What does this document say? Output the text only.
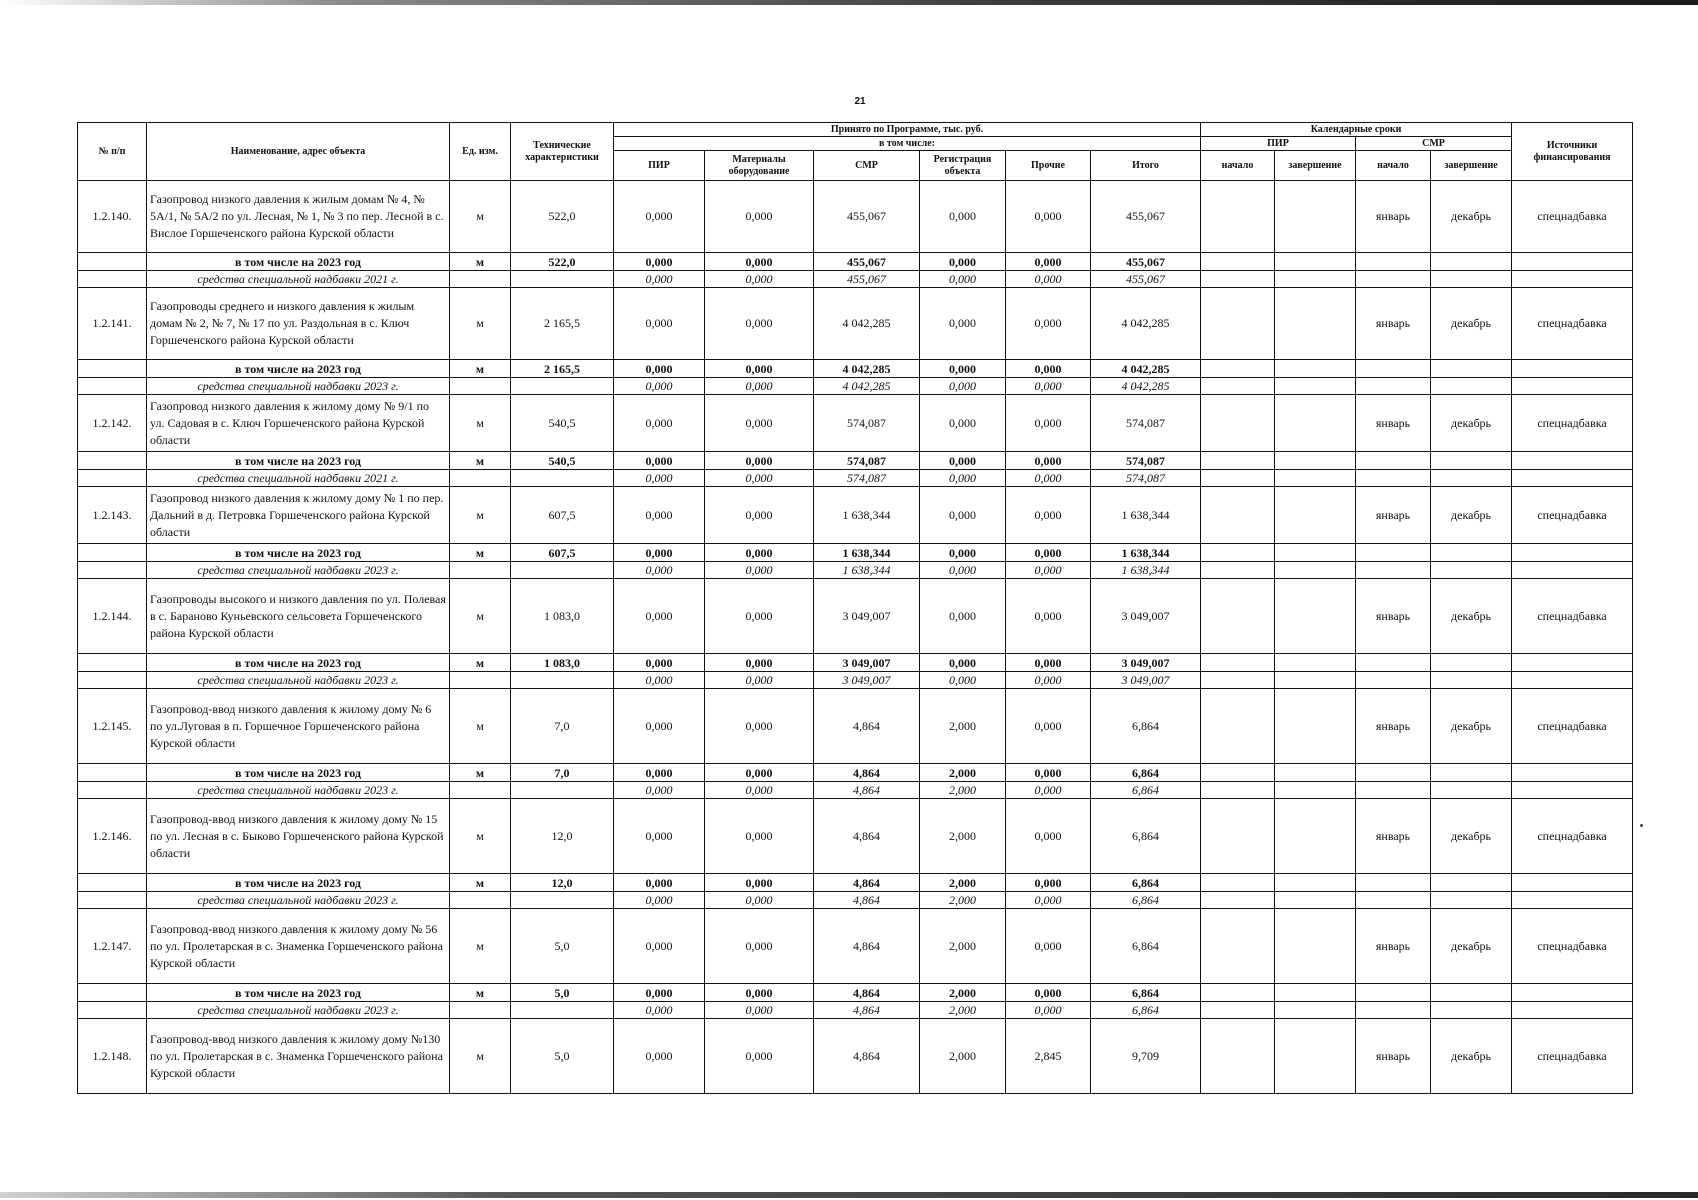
21
№ п/п	Наименование, адрес объекта	Ед. изм.	Технические характеристики	Принято по Программе, тыс. руб.						Календарные сроки				Источники финансирования
				в том числе:						ПИР		СМР		
				ПИР	Материалы оборудование	СМР	Регистрация объекта	Прочие	Итого					
										начало	завершение	начало	завершение	
1.2.140.	Газопровод низкого давления к жилым домам № 4, № 5А/1, № 5А/2 по ул. Лесная, № 1, № 3 по пер. Лесной в с. Вислое Горшеченского района Курской области	м	522,0	0,000	0,000	455,067	0,000	0,000	455,067			январь	декабрь	спецнадбавка
	в том числе на 2023 год	м	522,0	0,000	0,000	455,067	0,000	0,000	455,067					
	средства специальной надбавки 2021 г.			0,000	0,000	455,067	0,000	0,000	455,067					
1.2.141.	Газопроводы среднего и низкого давления к жилым домам № 2, № 7, № 17 по ул. Раздольная в с. Ключ Горшеченского района Курской области	м	2 165,5	0,000	0,000	4 042,285	0,000	0,000	4 042,285			январь	декабрь	спецнадбавка
	в том числе на 2023 год	м	2 165,5	0,000	0,000	4 042,285	0,000	0,000	4 042,285					
	средства специальной надбавки 2023 г.			0,000	0,000	4 042,285	0,000	0,000	4 042,285					
1.2.142.	Газопровод низкого давления к жилому дому № 9/1 по ул. Садовая в с. Ключ Горшеченского района Курской области	м	540,5	0,000	0,000	574,087	0,000	0,000	574,087			январь	декабрь	спецнадбавка
	в том числе на 2023 год	м	540,5	0,000	0,000	574,087	0,000	0,000	574,087					
	средства специальной надбавки 2021 г.			0,000	0,000	574,087	0,000	0,000	574,087					
1.2.143.	Газопровод низкого давления к жилому дому № 1 по пер. Дальний в д. Петровка Горшеченского района Курской области	м	607,5	0,000	0,000	1 638,344	0,000	0,000	1 638,344			январь	декабрь	спецнадбавка
	в том числе на 2023 год	м	607,5	0,000	0,000	1 638,344	0,000	0,000	1 638,344					
	средства специальной надбавки 2023 г.			0,000	0,000	1 638,344	0,000	0,000	1 638,344					
1.2.144.	Газопроводы высокого и низкого давления по ул. Полевая в с. Бараново Куньевского сельсовета Горшеченского района Курской области	м	1 083,0	0,000	0,000	3 049,007	0,000	0,000	3 049,007			январь	декабрь	спецнадбавка
	в том числе на 2023 год	м	1 083,0	0,000	0,000	3 049,007	0,000	0,000	3 049,007					
	средства специальной надбавки 2023 г.			0,000	0,000	3 049,007	0,000	0,000	3 049,007					
1.2.145.	Газопровод-ввод низкого давления к жилому дому № 6 по ул.Луговая в п. Горшечное Горшеченского района Курской области	м	7,0	0,000	0,000	4,864	2,000	0,000	6,864			январь	декабрь	спецнадбавка
	в том числе на 2023 год	м	7,0	0,000	0,000	4,864	2,000	0,000	6,864					
	средства специальной надбавки 2023 г.			0,000	0,000	4,864	2,000	0,000	6,864					
1.2.146.	Газопровод-ввод низкого давления к жилому дому № 15 по ул. Лесная в с. Быково Горшеченского района Курской области	м	12,0	0,000	0,000	4,864	2,000	0,000	6,864			январь	декабрь	спецнадбавка
	в том числе на 2023 год	м	12,0	0,000	0,000	4,864	2,000	0,000	6,864					
	средства специальной надбавки 2023 г.			0,000	0,000	4,864	2,000	0,000	6,864					
1.2.147.	Газопровод-ввод низкого давления к жилому дому № 56 по ул. Пролетарская в с. Знаменка Горшеченского района Курской области	м	5,0	0,000	0,000	4,864	2,000	0,000	6,864			январь	декабрь	спецнадбавка
	в том числе на 2023 год	м	5,0	0,000	0,000	4,864	2,000	0,000	6,864					
	средства специальной надбавки 2023 г.			0,000	0,000	4,864	2,000	0,000	6,864					
1.2.148.	Газопровод-ввод низкого давления к жилому дому №130 по ул. Пролетарская в с. Знаменка Горшеченского района Курской области	м	5,0	0,000	0,000	4,864	2,000	2,845	9,709			январь	декабрь	спецнадбавка
